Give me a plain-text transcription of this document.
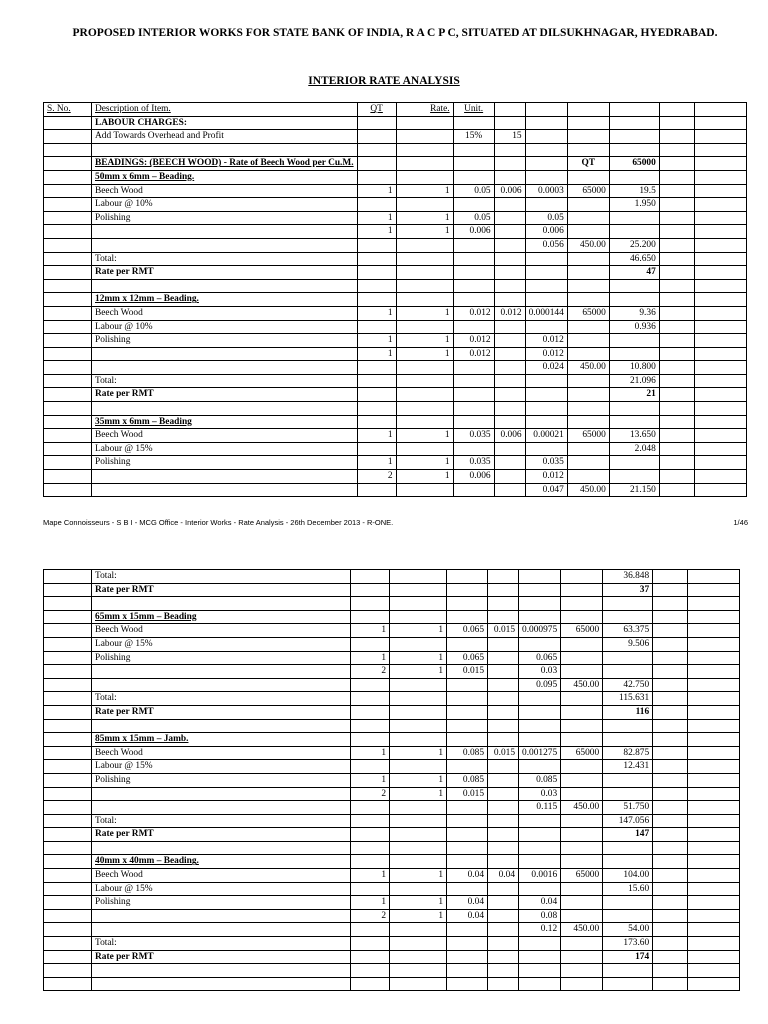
PROPOSED INTERIOR WORKS FOR STATE BANK OF INDIA, R A C P C, SITUATED AT DILSUKHNAGAR, HYEDRABAD.
INTERIOR RATE ANALYSIS
S. No.	Description of Item.	QT	Rate.	Unit.						
	LABOUR CHARGES:									
	Add Towards Overhead and Profit			15%	15					

	BEADINGS: (BEECH WOOD) - Rate of Beech Wood per Cu.M.						QT	65000		
	50mm x 6mm – Beading.									
	Beech Wood	1	1	0.05	0.006	0.0003	65000	19.5		
	Labour @ 10%							1.950		
	Polishing	1	1	0.05		0.05				
		1	1	0.006		0.006				
						0.056	450.00	25.200		
	Total:							46.650		
	Rate per RMT							47		

	12mm x 12mm – Beading.									
	Beech Wood	1	1	0.012	0.012	0.000144	65000	9.36		
	Labour @ 10%							0.936		
	Polishing	1	1	0.012		0.012				
		1	1	0.012		0.012				
						0.024	450.00	10.800		
	Total:							21.096		
	Rate per RMT							21		

	35mm x 6mm – Beading									
	Beech Wood	1	1	0.035	0.006	0.00021	65000	13.650		
	Labour @ 15%							2.048		
	Polishing	1	1	0.035		0.035				
		2	1	0.006		0.012				
						0.047	450.00	21.150		
Mape Connoisseurs - S B I - MCG Office - Interior Works - Rate Analysis - 26th December 2013 - R-ONE.	1/46
	Total:							36.848		
	Rate per RMT							37		

	65mm x 15mm – Beading									
	Beech Wood	1	1	0.065	0.015	0.000975	65000	63.375		
	Labour @ 15%							9.506		
	Polishing	1	1	0.065		0.065				
		2	1	0.015		0.03				
						0.095	450.00	42.750		
	Total:							115.631		
	Rate per RMT							116		

	85mm x 15mm – Jamb.									
	Beech Wood	1	1	0.085	0.015	0.001275	65000	82.875		
	Labour @ 15%							12.431		
	Polishing	1	1	0.085		0.085				
		2	1	0.015		0.03				
						0.115	450.00	51.750		
	Total:							147.056		
	Rate per RMT							147		

	40mm x 40mm – Beading.									
	Beech Wood	1	1	0.04	0.04	0.0016	65000	104.00		
	Labour @ 15%							15.60		
	Polishing	1	1	0.04		0.04				
		2	1	0.04		0.08				
						0.12	450.00	54.00		
	Total:							173.60		
	Rate per RMT							174		
